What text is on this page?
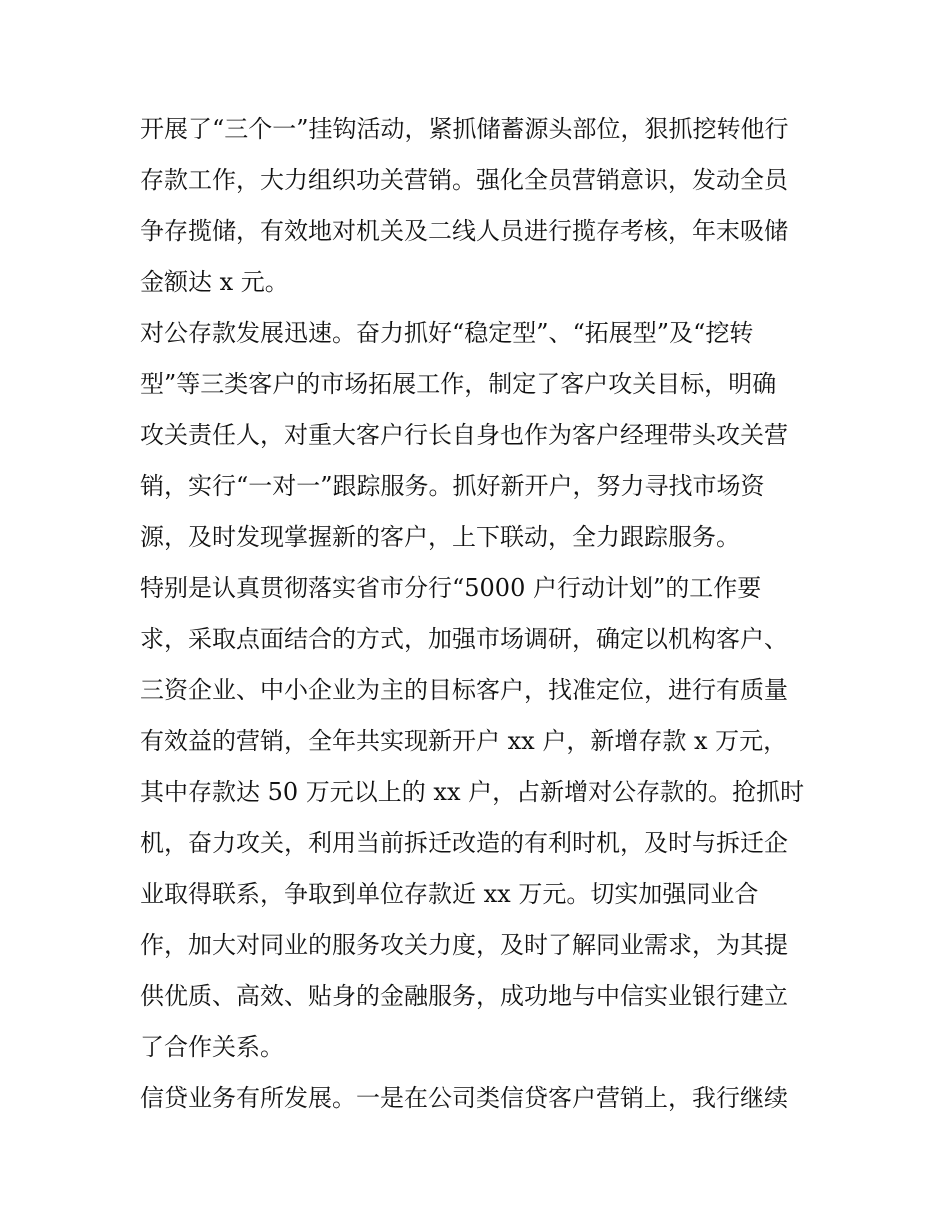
开展了“三个一”挂钩活动，紧抓储蓄源头部位，狠抓挖转他行
存款工作，大力组织功关营销。强化全员营销意识，发动全员
争存揽储，有效地对机关及二线人员进行揽存考核，年末吸储
金额达 x 元。
对公存款发展迅速。奋力抓好“稳定型”、“拓展型”及“挖转
型”等三类客户的市场拓展工作，制定了客户攻关目标，明确
攻关责任人，对重大客户行长自身也作为客户经理带头攻关营
销，实行“一对一”跟踪服务。抓好新开户，努力寻找市场资
源，及时发现掌握新的客户，上下联动，全力跟踪服务。
特别是认真贯彻落实省市分行“5000 户行动计划”的工作要
求，采取点面结合的方式，加强市场调研，确定以机构客户、
三资企业、中小企业为主的目标客户，找准定位，进行有质量
有效益的营销，全年共实现新开户 xx 户，新增存款 x 万元，
其中存款达 50 万元以上的 xx 户，占新增对公存款的。抢抓时
机，奋力攻关，利用当前拆迁改造的有利时机，及时与拆迁企
业取得联系，争取到单位存款近 xx 万元。切实加强同业合
作，加大对同业的服务攻关力度，及时了解同业需求，为其提
供优质、高效、贴身的金融服务，成功地与中信实业银行建立
了合作关系。
信贷业务有所发展。一是在公司类信贷客户营销上，我行继续
